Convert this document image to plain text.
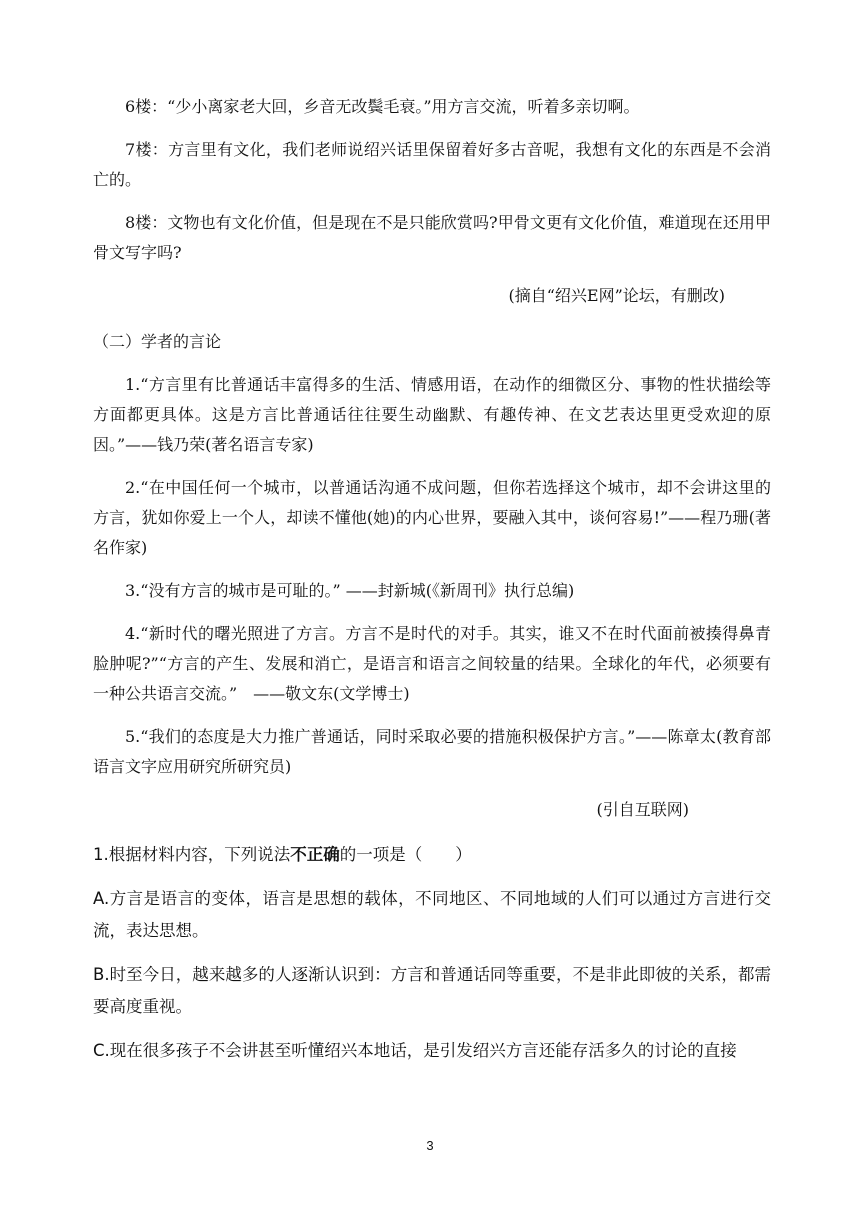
6楼：“少小离家老大回，乡音无改鬓毛衰。”用方言交流，听着多亲切啊。

7楼：方言里有文化，我们老师说绍兴话里保留着好多古音呢，我想有文化的东西是不会消亡的。

8楼：文物也有文化价值，但是现在不是只能欣赏吗?甲骨文更有文化价值，难道现在还用甲骨文写字吗?

(摘自“绍兴E网”论坛，有删改)

（二）学者的言论

1.“方言里有比普通话丰富得多的生活、情感用语，在动作的细微区分、事物的性状描绘等方面都更具体。这是方言比普通话往往要生动幽默、有趣传神、在文艺表达里更受欢迎的原因。”——钱乃荣(著名语言专家)

2.“在中国任何一个城市，以普通话沟通不成问题，但你若选择这个城市，却不会讲这里的方言，犹如你爱上一个人，却读不懂他(她)的内心世界，要融入其中，谈何容易!”——程乃珊(著名作家)

3.“没有方言的城市是可耻的。” ——封新城(《新周刊》执行总编)

4.“新时代的曙光照进了方言。方言不是时代的对手。其实，谁又不在时代面前被揍得鼻青脸肿呢?”“方言的产生、发展和消亡，是语言和语言之间较量的结果。全球化的年代，必须要有一种公共语言交流。”　——敬文东(文学博士)

5.“我们的态度是大力推广普通话，同时采取必要的措施积极保护方言。”——陈章太(教育部语言文字应用研究所研究员)

(引自互联网)

1.根据材料内容，下列说法不正确的一项是（　　）

A.方言是语言的变体，语言是思想的载体，不同地区、不同地域的人们可以通过方言进行交流，表达思想。

B.时至今日，越来越多的人逐渐认识到：方言和普通话同等重要，不是非此即彼的关系，都需要高度重视。

C.现在很多孩子不会讲甚至听懂绍兴本地话，是引发绍兴方言还能存活多久的讨论的直接

3
